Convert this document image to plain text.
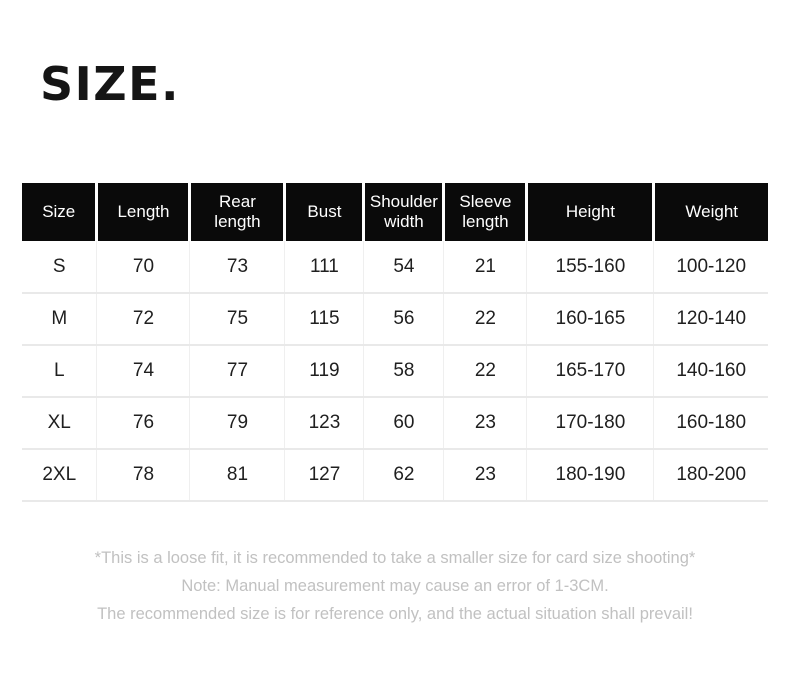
SIZE.
Size	Length	Rear length	Bust	Shoulder width	Sleeve length	Height	Weight
S	70	73	111	54	21	155-160	100-120
M	72	75	115	56	22	160-165	120-140
L	74	77	119	58	22	165-170	140-160
XL	76	79	123	60	23	170-180	160-180
2XL	78	81	127	62	23	180-190	180-200
*This is a loose fit, it is recommended to take a smaller size for card size shooting*
Note: Manual measurement may cause an error of 1-3CM.
The recommended size is for reference only, and the actual situation shall prevail!
